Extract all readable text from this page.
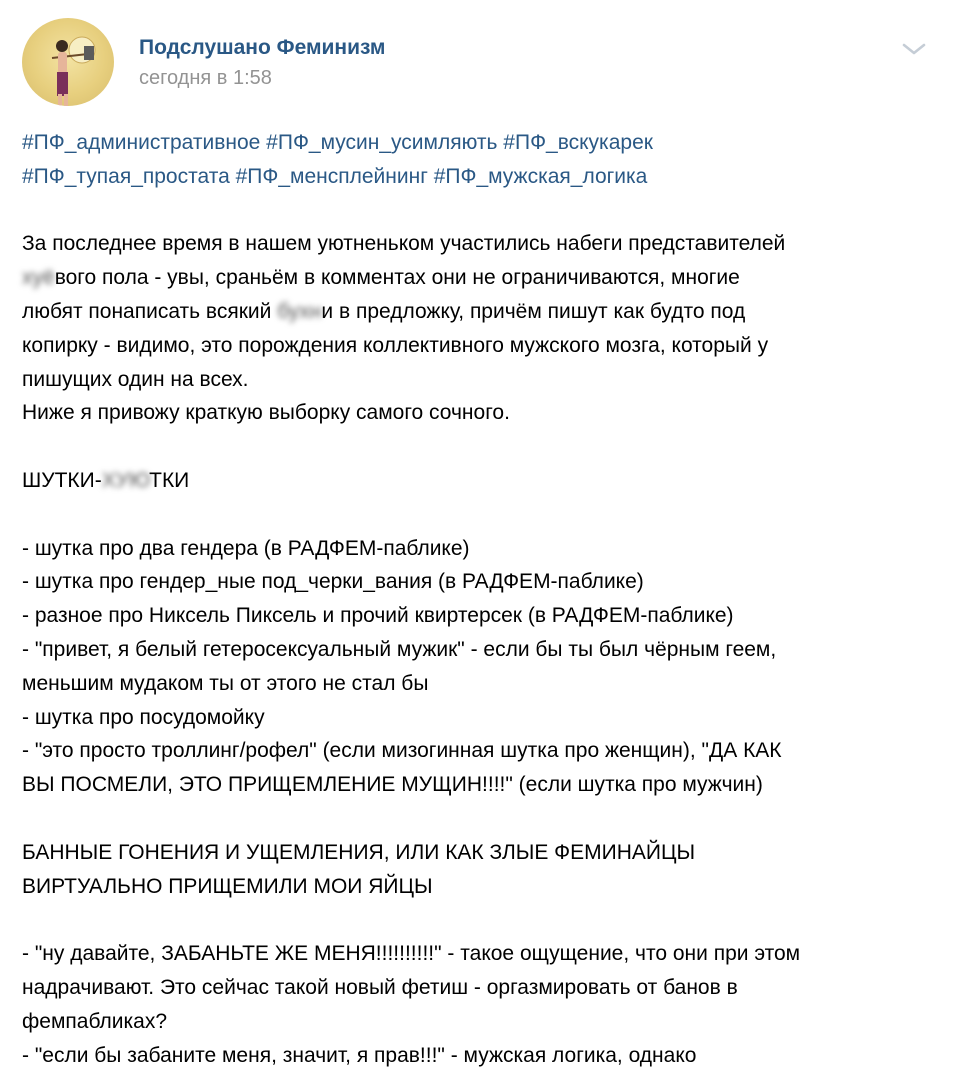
Подслушано Феминизм
сегодня в 1:58
#ПФ_административное #ПФ_мусин_усимляють #ПФ_вскукарек
#ПФ_тупая_простата #ПФ_менсплейнинг #ПФ_мужская_логика
За последнее время в нашем уютненьком участились набеги представителей
хуёвого пола - увы, сраньём в комментах они не ограничиваются, многие
любят понаписать всякий бухни в предложку, причём пишут как будто под
копирку - видимо, это порождения коллективного мужского мозга, который у
пишущих один на всех.
Ниже я привожу краткую выборку самого сочного.
ШУТКИ-ХУЮТКИ
- шутка про два гендера (в РАДФЕМ-паблике)
- шутка про гендер_ные под_черки_вания (в РАДФЕМ-паблике)
- разное про Никсель Пиксель и прочий квиртерсек (в РАДФЕМ-паблике)
- "привет, я белый гетеросексуальный мужик" - если бы ты был чёрным геем,
меньшим мудаком ты от этого не стал бы
- шутка про посудомойку
- "это просто троллинг/рофел" (если мизогинная шутка про женщин), "ДА КАК
ВЫ ПОСМЕЛИ, ЭТО ПРИЩЕМЛЕНИЕ МУЩИН!!!!" (если шутка про мужчин)
БАННЫЕ ГОНЕНИЯ И УЩЕМЛЕНИЯ, ИЛИ КАК ЗЛЫЕ ФЕМИНАЙЦЫ
ВИРТУАЛЬНО ПРИЩЕМИЛИ МОИ ЯЙЦЫ
- "ну давайте, ЗАБАНЬТЕ ЖЕ МЕНЯ!!!!!!!!!!" - такое ощущение, что они при этом
надрачивают. Это сейчас такой новый фетиш - оргазмировать от банов в
фемпабликах?
- "если бы забаните меня, значит, я прав!!!" - мужская логика, однако
